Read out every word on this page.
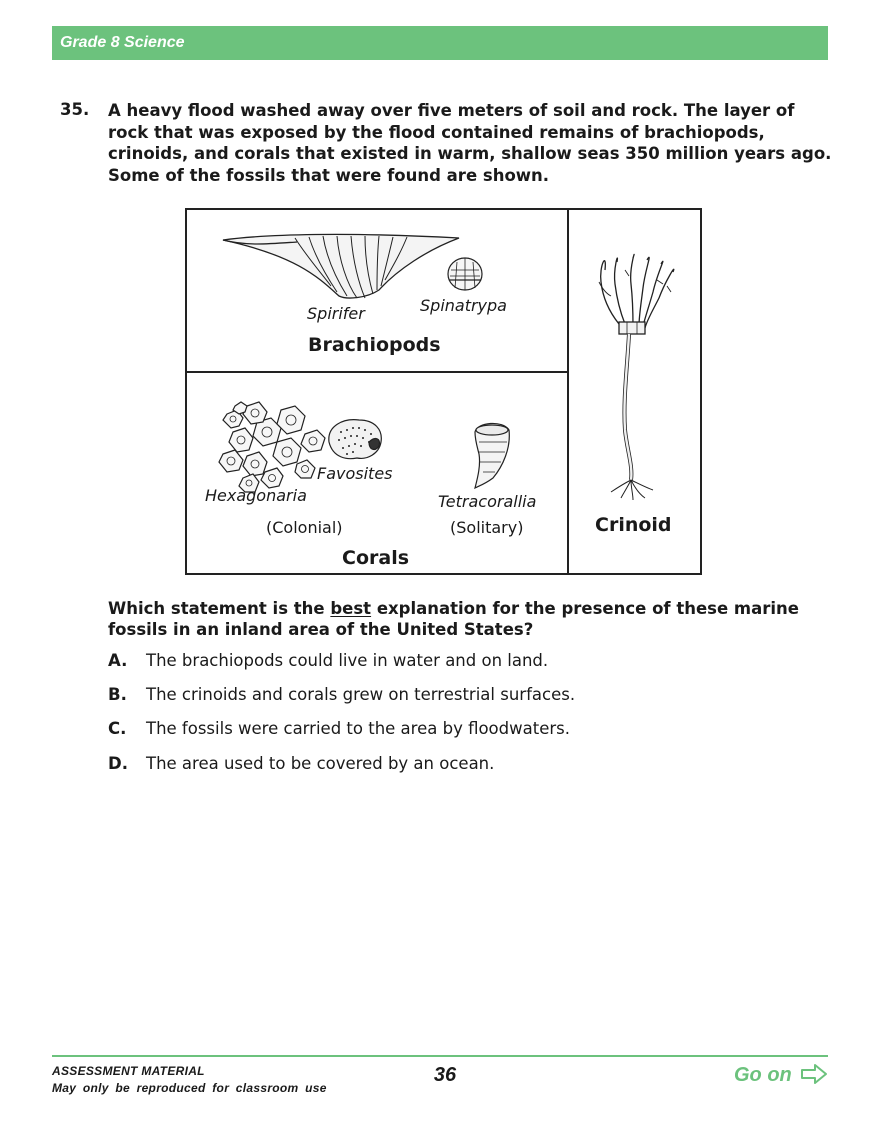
Grade 8 Science
35. A heavy flood washed away over five meters of soil and rock. The layer of rock that was exposed by the flood contained remains of brachiopods, crinoids, and corals that existed in warm, shallow seas 350 million years ago. Some of the fossils that were found are shown.
Spirifer	Spinatrypa
Brachiopods
Favosites
Hexagonaria	Tetracorallia
(Colonial)	(Solitary)
Corals
Crinoid
Which statement is the best explanation for the presence of these marine fossils in an inland area of the United States?
A. The brachiopods could live in water and on land.
B. The crinoids and corals grew on terrestrial surfaces.
C. The fossils were carried to the area by floodwaters.
D. The area used to be covered by an ocean.
ASSESSMENT MATERIAL
May only be reproduced for classroom use
36	Go on
